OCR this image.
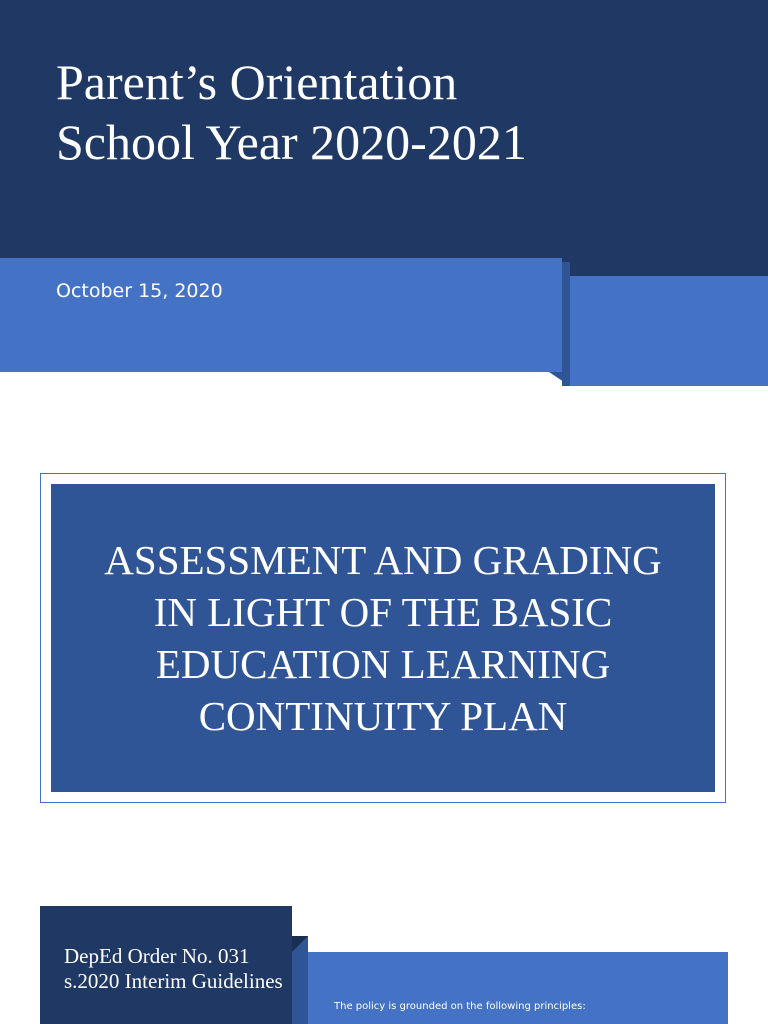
Parent’s Orientation School Year 2020-2021

October 15, 2020

ASSESSMENT AND GRADING IN LIGHT OF THE BASIC EDUCATION LEARNING CONTINUITY PLAN

The policy is grounded on the following principles:

DepEd Order No. 031 s.2020 Interim Guidelines
